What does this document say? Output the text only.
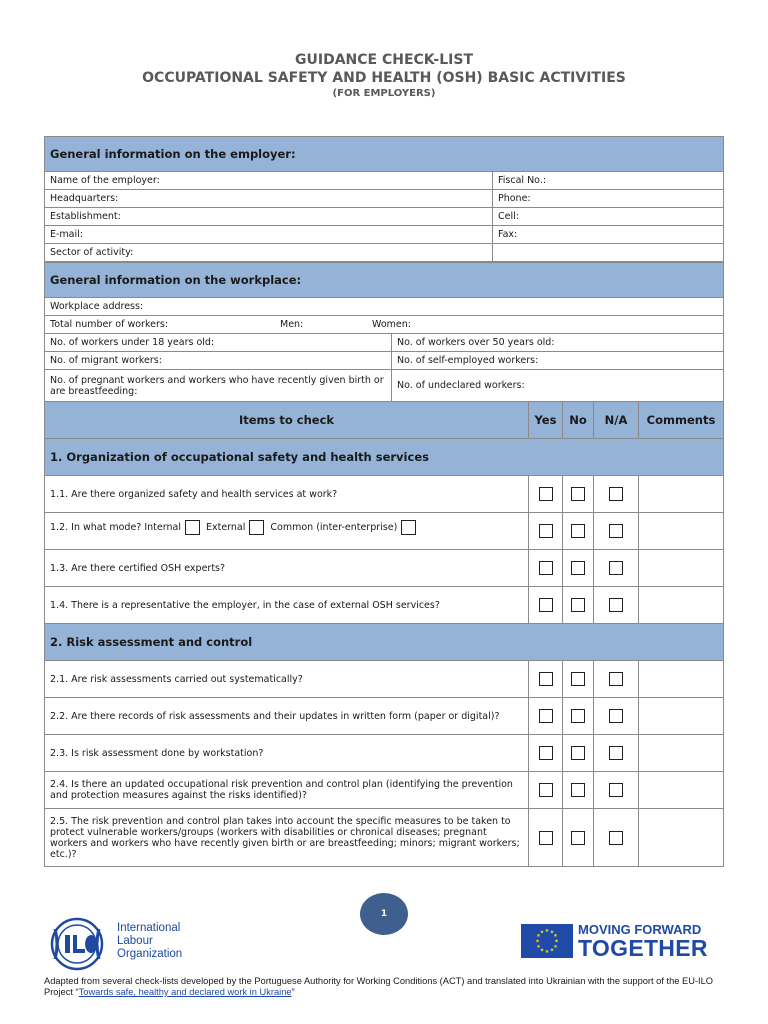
GUIDANCE CHECK-LIST
OCCUPATIONAL SAFETY AND HEALTH (OSH) BASIC ACTIVITIES
(FOR EMPLOYERS)
General information on the employer:	
Name of the employer:	Fiscal No.:
Headquarters:	Phone:
Establishment:	Cell:
E-mail:	Fax:
Sector of activity:	
General information on the workplace:	
Workplace address:	
Total number of workers: Men: Women:	
No. of workers under 18 years old:	No. of workers over 50 years old:
No. of migrant workers:	No. of self-employed workers:
No. of pregnant workers and workers who have recently given birth or are breastfeeding:	No. of undeclared workers:
Items to check	Yes	No	N/A	Comments
1. Organization of occupational safety and health services				
1.1. Are there organized safety and health services at work?				
1.2. In what mode? Internal External Common (inter-enterprise)				
1.3. Are there certified OSH experts?				
1.4. There is a representative the employer, in the case of external OSH services?				
2. Risk assessment and control				
2.1. Are risk assessments carried out systematically?				
2.2. Are there records of risk assessments and their updates in written form (paper or digital)?				
2.3. Is risk assessment done by workstation?				
2.4. Is there an updated occupational risk prevention and control plan (identifying the prevention and protection measures against the risks identified)?				
2.5. The risk prevention and control plan takes into account the specific measures to be taken to protect vulnerable workers/groups (workers with disabilities or chronical diseases; pregnant workers and workers who have recently given birth or are breastfeeding; minors; migrant workers; etc.)?				
1
International
Labour
Organization
★ ★
★
★
★
★
★
★
★
★
★
★	MOVING FORWARD
TOGETHER
Adapted from several check-lists developed by the Portuguese Authority for Working Conditions (ACT) and translated into Ukrainian with the support of the EU-ILO Project “Towards safe, healthy and declared work in Ukraine”
